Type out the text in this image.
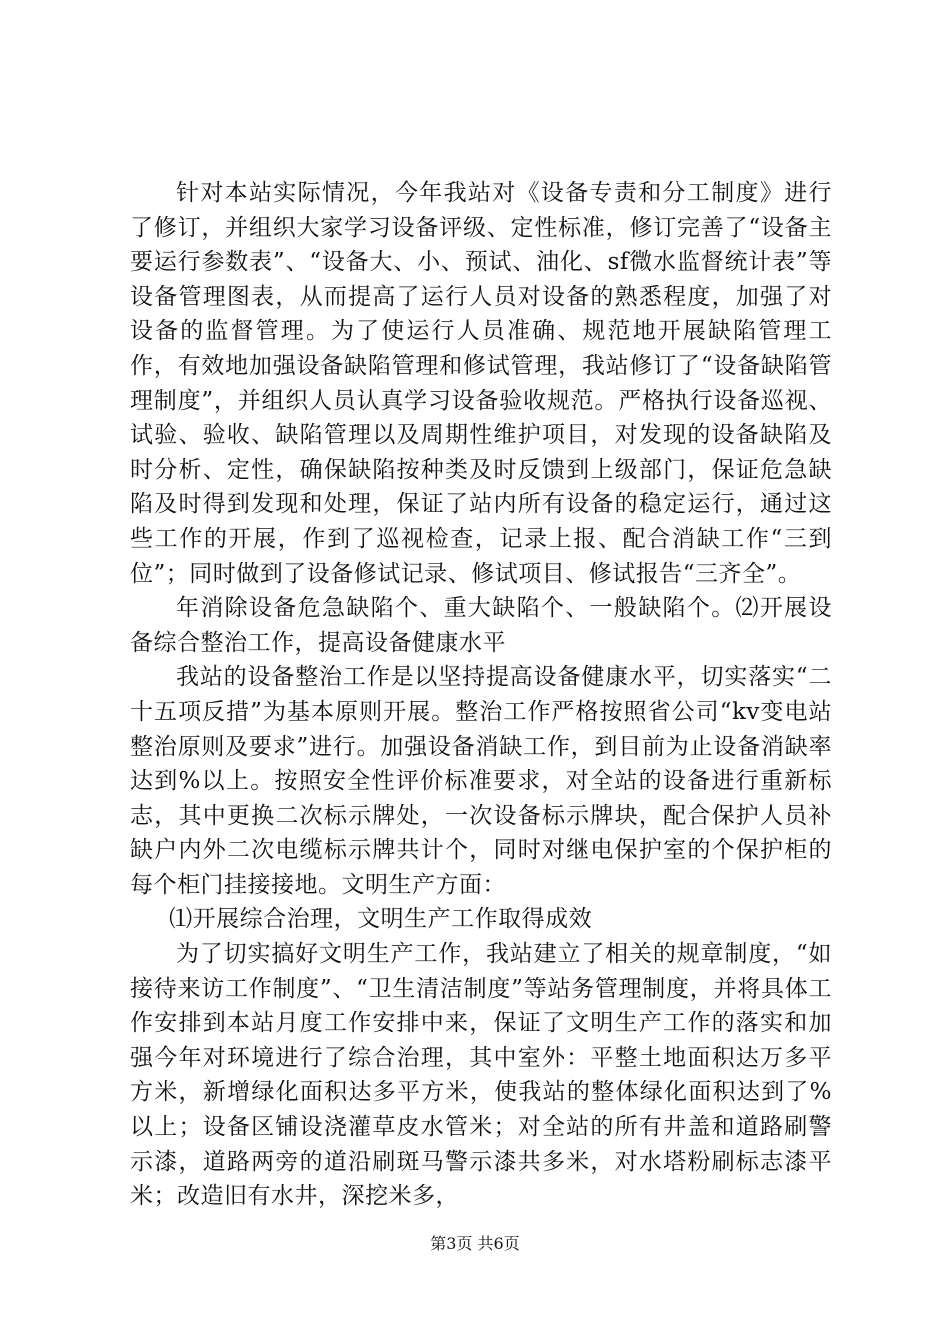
针对本站实际情况，今年我站对《设备专责和分工制度》进行了修订，并组织大家学习设备评级、定性标准，修订完善了“设备主要运行参数表”、“设备大、小、预试、油化、sf微水监督统计表”等设备管理图表，从而提高了运行人员对设备的熟悉程度，加强了对设备的监督管理。为了使运行人员准确、规范地开展缺陷管理工作，有效地加强设备缺陷管理和修试管理，我站修订了“设备缺陷管理制度”，并组织人员认真学习设备验收规范。严格执行设备巡视、试验、验收、缺陷管理以及周期性维护项目，对发现的设备缺陷及时分析、定性，确保缺陷按种类及时反馈到上级部门，保证危急缺陷及时得到发现和处理，保证了站内所有设备的稳定运行，通过这些工作的开展，作到了巡视检查，记录上报、配合消缺工作“三到位”；同时做到了设备修试记录、修试项目、修试报告“三齐全”。

年消除设备危急缺陷个、重大缺陷个、一般缺陷个。⑵开展设备综合整治工作，提高设备健康水平

我站的设备整治工作是以坚持提高设备健康水平，切实落实“二十五项反措”为基本原则开展。整治工作严格按照省公司“kv变电站整治原则及要求”进行。加强设备消缺工作，到目前为止设备消缺率达到%以上。按照安全性评价标准要求，对全站的设备进行重新标志，其中更换二次标示牌处，一次设备标示牌块，配合保护人员补缺户内外二次电缆标示牌共计个，同时对继电保护室的个保护柜的每个柜门挂接接地。文明生产方面：

⑴开展综合治理，文明生产工作取得成效

为了切实搞好文明生产工作，我站建立了相关的规章制度，“如接待来访工作制度”、“卫生清洁制度”等站务管理制度，并将具体工作安排到本站月度工作安排中来，保证了文明生产工作的落实和加强今年对环境进行了综合治理，其中室外：平整土地面积达万多平方米，新增绿化面积达多平方米，使我站的整体绿化面积达到了%以上；设备区铺设浇灌草皮水管米；对全站的所有井盖和道路刷警示漆，道路两旁的道沿刷斑马警示漆共多米，对水塔粉刷标志漆平米；改造旧有水井，深挖米多，

第3页 共6页
